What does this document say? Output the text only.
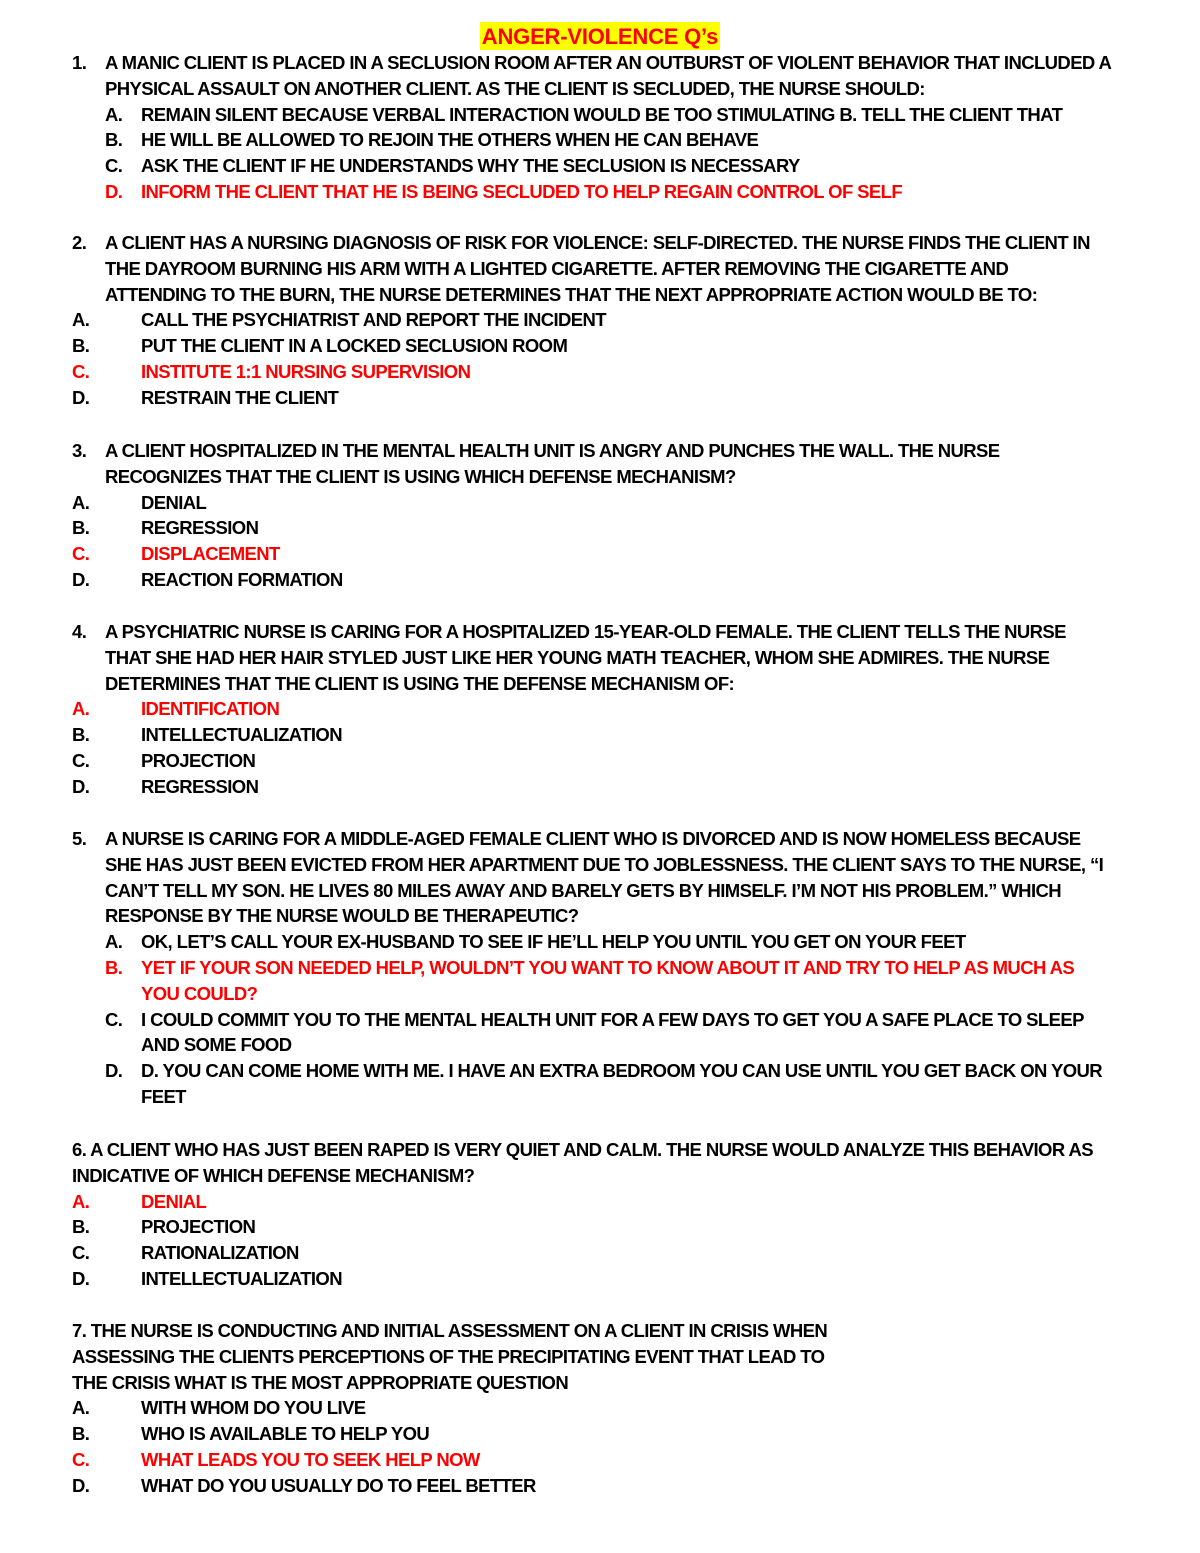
ANGER-VIOLENCE Q’s
1. A MANIC CLIENT IS PLACED IN A SECLUSION ROOM AFTER AN OUTBURST OF VIOLENT BEHAVIOR THAT INCLUDED A
PHYSICAL ASSAULT ON ANOTHER CLIENT. AS THE CLIENT IS SECLUDED, THE NURSE SHOULD:
A. REMAIN SILENT BECAUSE VERBAL INTERACTION WOULD BE TOO STIMULATING B. TELL THE CLIENT THAT
B. HE WILL BE ALLOWED TO REJOIN THE OTHERS WHEN HE CAN BEHAVE
C. ASK THE CLIENT IF HE UNDERSTANDS WHY THE SECLUSION IS NECESSARY
D. INFORM THE CLIENT THAT HE IS BEING SECLUDED TO HELP REGAIN CONTROL OF SELF
2. A CLIENT HAS A NURSING DIAGNOSIS OF RISK FOR VIOLENCE: SELF-DIRECTED. THE NURSE FINDS THE CLIENT IN
THE DAYROOM BURNING HIS ARM WITH A LIGHTED CIGARETTE. AFTER REMOVING THE CIGARETTE AND
ATTENDING TO THE BURN, THE NURSE DETERMINES THAT THE NEXT APPROPRIATE ACTION WOULD BE TO:
A.	CALL THE PSYCHIATRIST AND REPORT THE INCIDENT
B.	PUT THE CLIENT IN A LOCKED SECLUSION ROOM
C.	INSTITUTE 1:1 NURSING SUPERVISION
D.	RESTRAIN THE CLIENT
3. A CLIENT HOSPITALIZED IN THE MENTAL HEALTH UNIT IS ANGRY AND PUNCHES THE WALL. THE NURSE
RECOGNIZES THAT THE CLIENT IS USING WHICH DEFENSE MECHANISM?
A.	DENIAL
B.	REGRESSION
C.	DISPLACEMENT
D.	REACTION FORMATION
4. A PSYCHIATRIC NURSE IS CARING FOR A HOSPITALIZED 15-YEAR-OLD FEMALE. THE CLIENT TELLS THE NURSE
THAT SHE HAD HER HAIR STYLED JUST LIKE HER YOUNG MATH TEACHER, WHOM SHE ADMIRES. THE NURSE
DETERMINES THAT THE CLIENT IS USING THE DEFENSE MECHANISM OF:
A.	IDENTIFICATION
B.	INTELLECTUALIZATION
C.	PROJECTION
D.	REGRESSION
5. A NURSE IS CARING FOR A MIDDLE-AGED FEMALE CLIENT WHO IS DIVORCED AND IS NOW HOMELESS BECAUSE
SHE HAS JUST BEEN EVICTED FROM HER APARTMENT DUE TO JOBLESSNESS. THE CLIENT SAYS TO THE NURSE, “I
CAN’T TELL MY SON. HE LIVES 80 MILES AWAY AND BARELY GETS BY HIMSELF. I’M NOT HIS PROBLEM.” WHICH
RESPONSE BY THE NURSE WOULD BE THERAPEUTIC?
A. OK, LET’S CALL YOUR EX-HUSBAND TO SEE IF HE’LL HELP YOU UNTIL YOU GET ON YOUR FEET
B. YET IF YOUR SON NEEDED HELP, WOULDN’T YOU WANT TO KNOW ABOUT IT AND TRY TO HELP AS MUCH AS
YOU COULD?
C. I COULD COMMIT YOU TO THE MENTAL HEALTH UNIT FOR A FEW DAYS TO GET YOU A SAFE PLACE TO SLEEP
AND SOME FOOD
D. D. YOU CAN COME HOME WITH ME. I HAVE AN EXTRA BEDROOM YOU CAN USE UNTIL YOU GET BACK ON YOUR
FEET
6. A CLIENT WHO HAS JUST BEEN RAPED IS VERY QUIET AND CALM. THE NURSE WOULD ANALYZE THIS BEHAVIOR AS
INDICATIVE OF WHICH DEFENSE MECHANISM?
A.	DENIAL
B.	PROJECTION
C.	RATIONALIZATION
D.	INTELLECTUALIZATION
7. THE NURSE IS CONDUCTING AND INITIAL ASSESSMENT ON A CLIENT IN CRISIS WHEN
ASSESSING THE CLIENTS PERCEPTIONS OF THE PRECIPITATING EVENT THAT LEAD TO
THE CRISIS WHAT IS THE MOST APPROPRIATE QUESTION
A.	WITH WHOM DO YOU LIVE
B.	WHO IS AVAILABLE TO HELP YOU
C.	WHAT LEADS YOU TO SEEK HELP NOW
D.	WHAT DO YOU USUALLY DO TO FEEL BETTER
